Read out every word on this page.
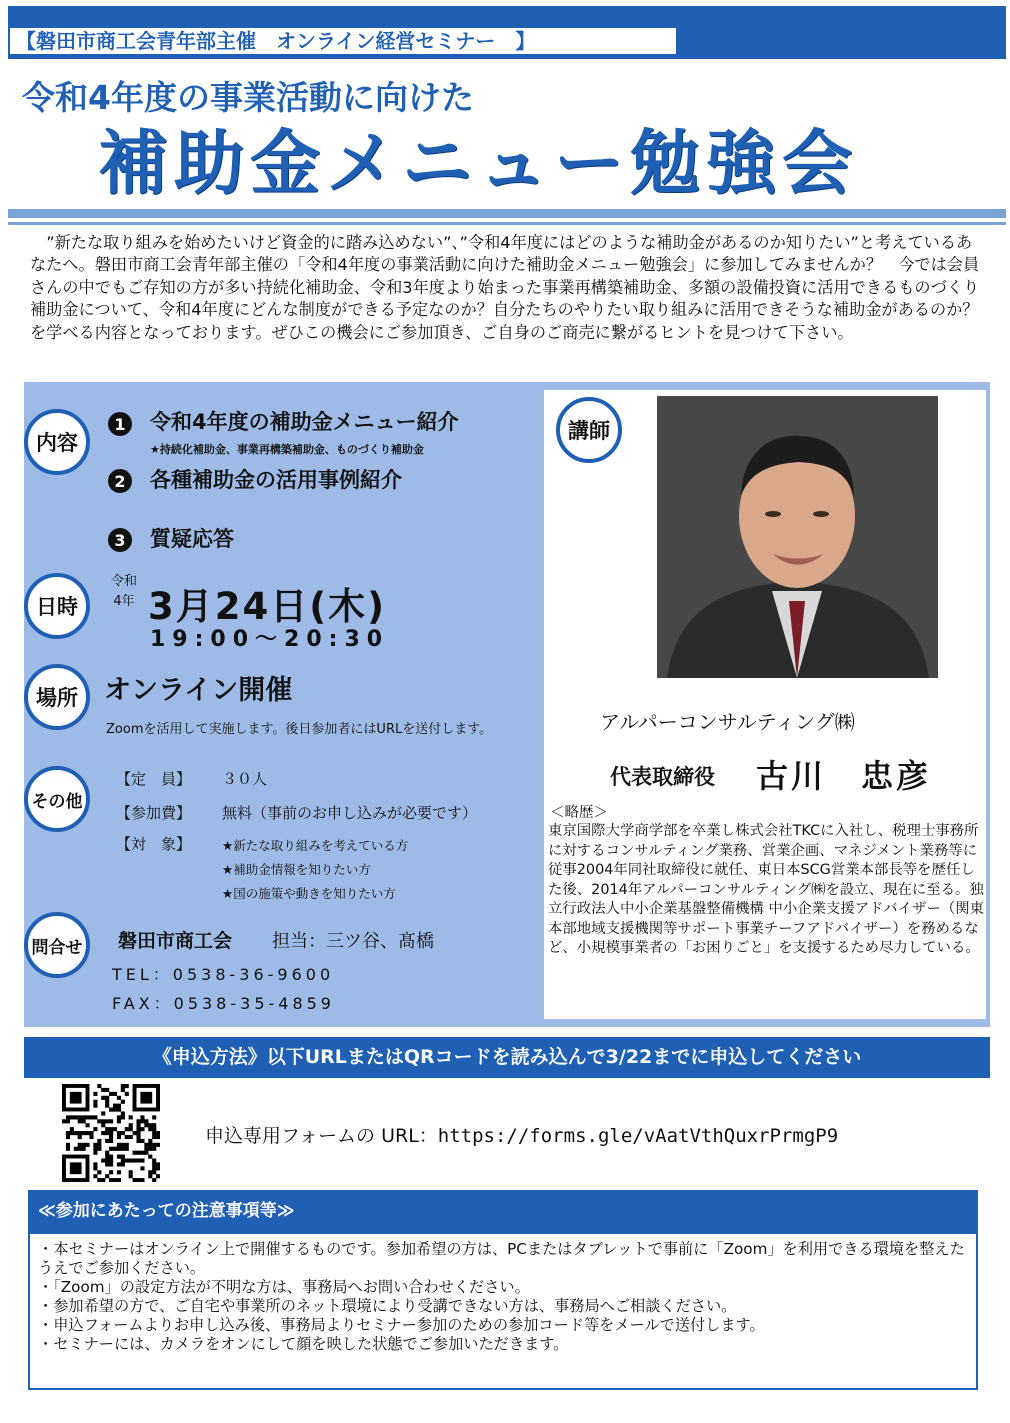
【磐田市商工会青年部主催　オンライン経営セミナー　】
令和4年度の事業活動に向けた
補助金メニュー勉強会
”新たな取り組みを始めたいけど資金的に踏み込めない”、”令和4年度にはどのような補助金があるのか知りたい”と考えているあなたへ。磐田市商工会青年部主催の「令和4年度の事業活動に向けた補助金メニュー勉強会」に参加してみませんか？　今では会員さんの中でもご存知の方が多い持続化補助金、令和3年度より始まった事業再構築補助金、多額の設備投資に活用できるものづくり補助金について、令和4年度にどんな制度ができる予定なのか？自分たちのやりたい取り組みに活用できそうな補助金があるのか？を学べる内容となっております。ぜひこの機会にご参加頂き、ご自身のご商売に繋がるヒントを見つけて下さい。
内容
1	令和4年度の補助金メニュー紹介
★持続化補助金、事業再構築補助金、ものづくり補助金
2	各種補助金の活用事例紹介
3	質疑応答
日時
令和
4年 3月24日(木)
19:00～20:30
場所 オンライン開催
Zoomを活用して実施します。後日参加者にはURLを送付します。
その他
【定　員】 ３０人
【参加費】 無料（事前のお申し込みが必要です）
【対　象】 ★新たな取り組みを考えている方
★補助金情報を知りたい方
★国の施策や動きを知りたい方
問合せ 磐田市商工会 担当：三ツ谷、髙橋
TEL：0538-36-9600
FAX：0538-35-4859
講師
アルパーコンサルティング㈱
代表取締役 古川　忠彦
＜略歴＞
東京国際大学商学部を卒業し株式会社TKCに入社し、税理士事務所に対するコンサルティング業務、営業企画、マネジメント業務等に従事2004年同社取締役に就任、東日本SCG営業本部長等を歴任した後、2014年アルパーコンサルティング㈱を設立、現在に至る。独立行政法人中小企業基盤整備機構 中小企業支援アドバイザー（関東本部地域支援機関等サポート事業チーフアドバイザー）を務めるなど、小規模事業者の「お困りごと」を支援するため尽力している。
《申込方法》以下URLまたはQRコードを読み込んで3/22までに申込してください
申込専用フォームの URL：https://forms.gle/vAatVthQuxrPrmgP9
≪参加にあたっての注意事項等≫
・本セミナーはオンライン上で開催するものです。参加希望の方は、PCまたはタブレットで事前に「Zoom」を利用できる環境を整えたうえでご参加ください。
・「Zoom」の設定方法が不明な方は、事務局へお問い合わせください。
・参加希望の方で、ご自宅や事業所のネット環境により受講できない方は、事務局へご相談ください。
・申込フォームよりお申し込み後、事務局よりセミナー参加のための参加コード等をメールで送付します。
・セミナーには、カメラをオンにして顔を映した状態でご参加いただきます。
